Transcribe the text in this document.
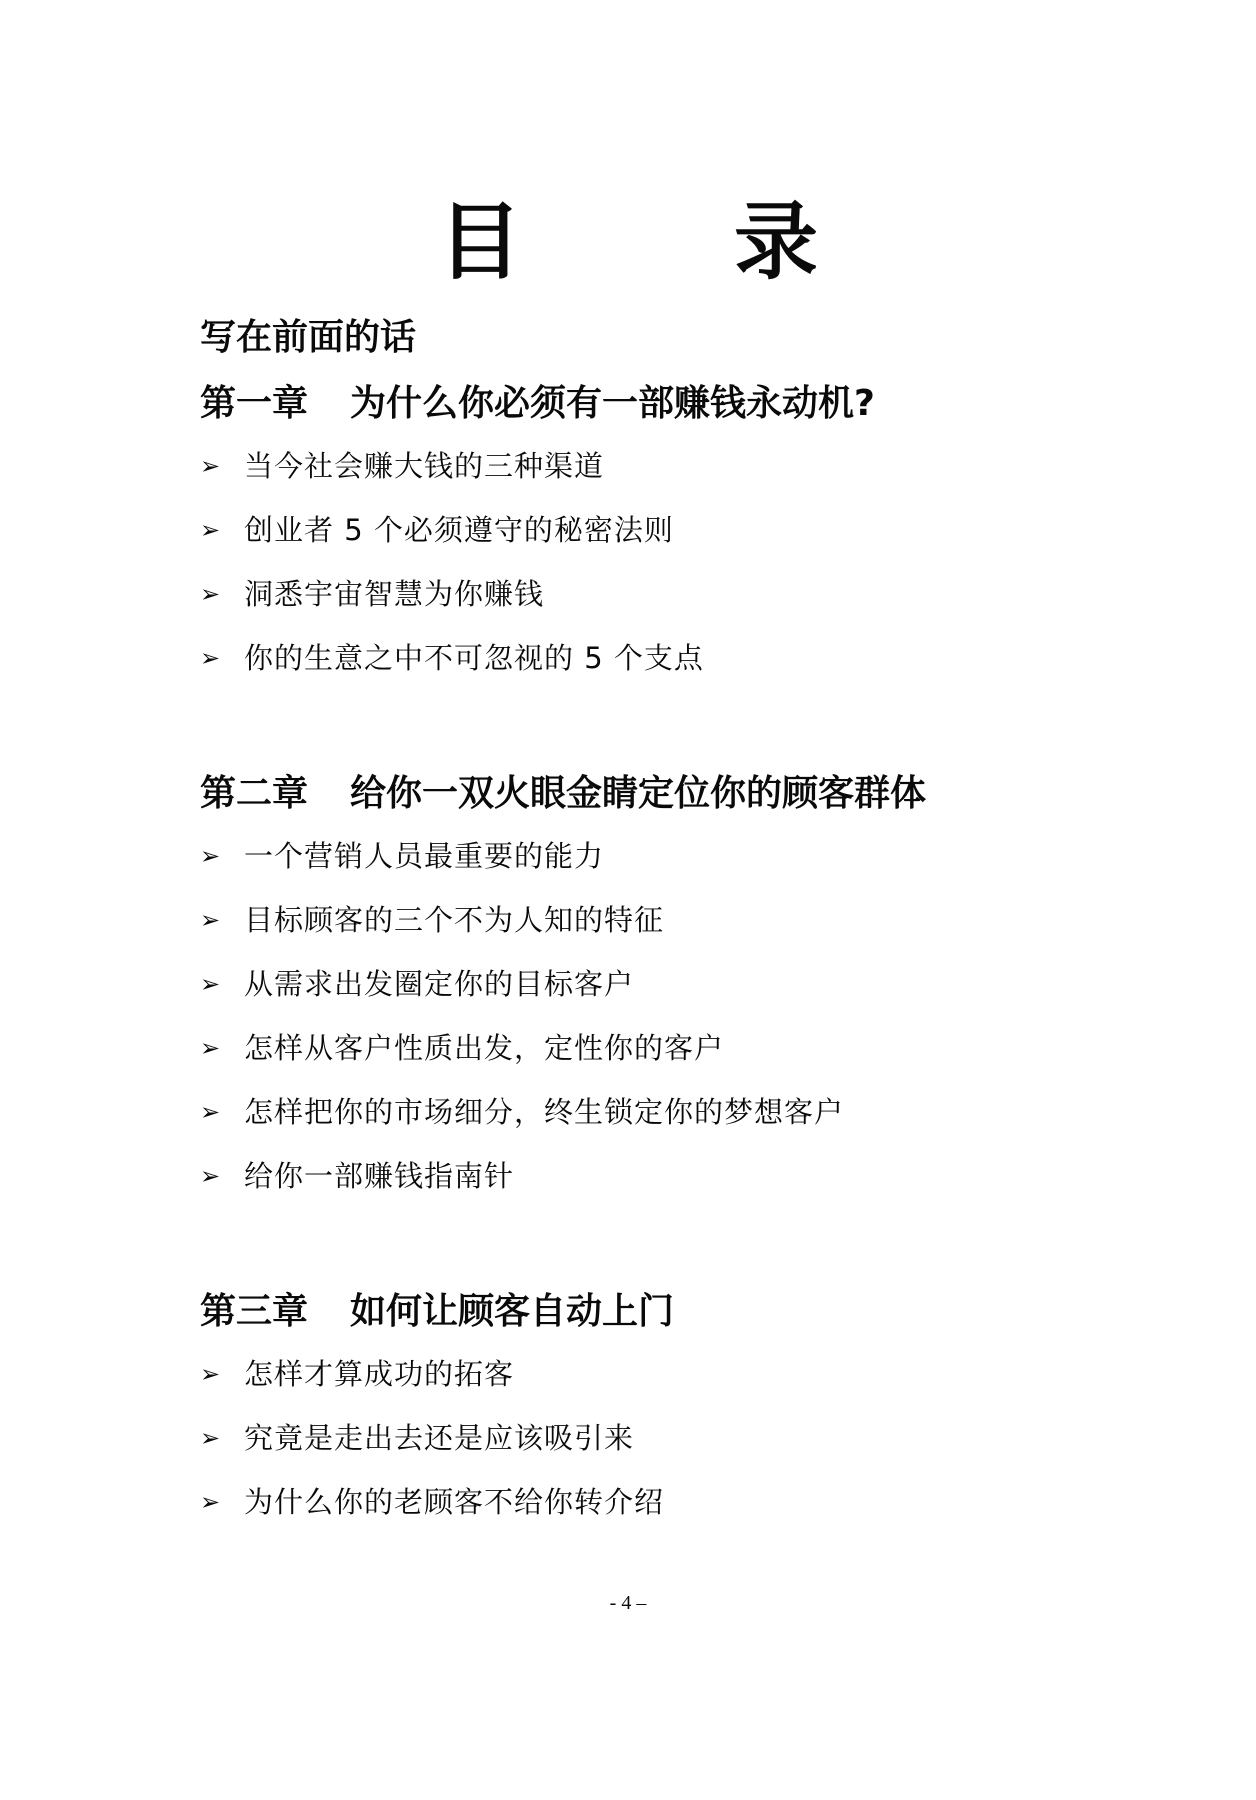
目　录
写在前面的话
第一章 为什么你必须有一部赚钱永动机?
➢ 当今社会赚大钱的三种渠道
➢ 创业者 5 个必须遵守的秘密法则
➢ 洞悉宇宙智慧为你赚钱
➢ 你的生意之中不可忽视的 5 个支点
第二章 给你一双火眼金睛定位你的顾客群体
➢ 一个营销人员最重要的能力
➢ 目标顾客的三个不为人知的特征
➢ 从需求出发圈定你的目标客户
➢ 怎样从客户性质出发，定性你的客户
➢ 怎样把你的市场细分，终生锁定你的梦想客户
➢ 给你一部赚钱指南针
第三章 如何让顾客自动上门
➢ 怎样才算成功的拓客
➢ 究竟是走出去还是应该吸引来
➢ 为什么你的老顾客不给你转介绍
- 4 –
